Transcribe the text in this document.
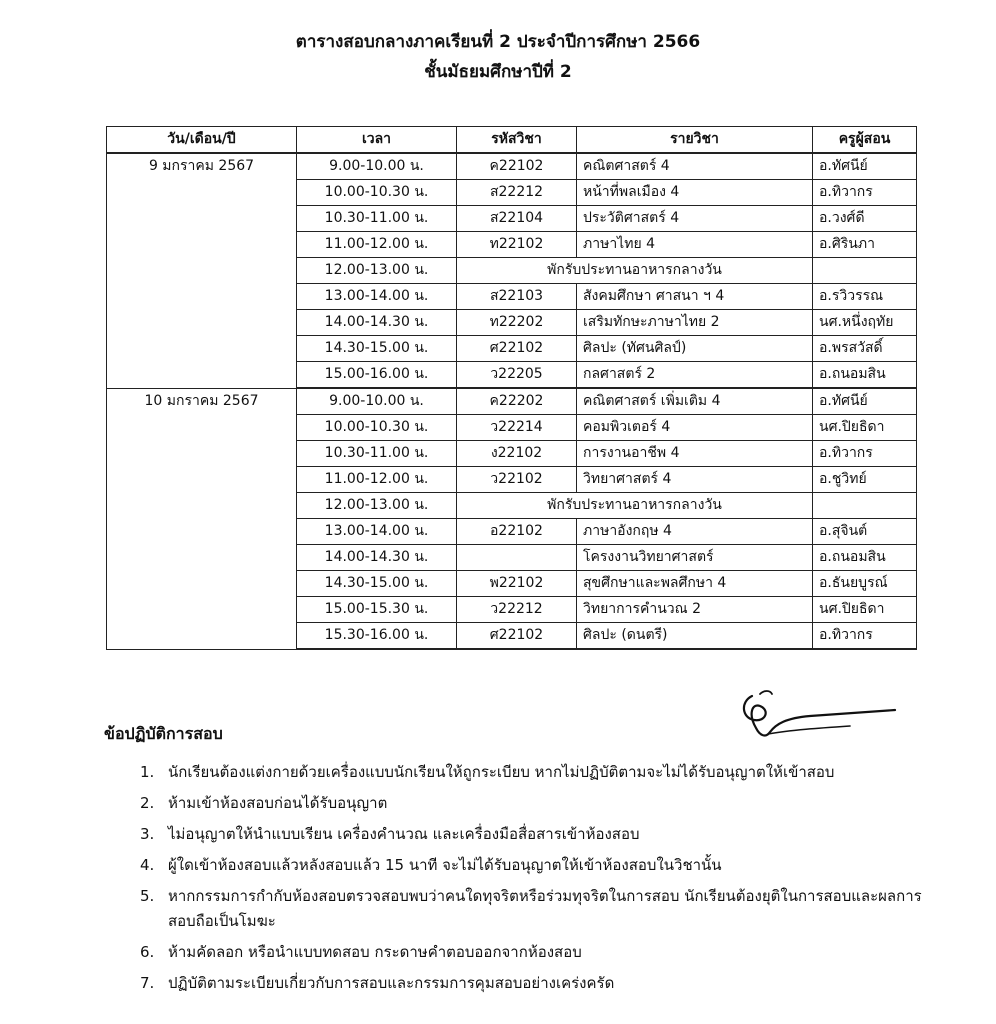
ตารางสอบกลางภาคเรียนที่ 2 ประจำปีการศึกษา 2566
ชั้นมัธยมศึกษาปีที่ 2
วัน/เดือน/ปี	เวลา	รหัสวิชา	รายวิชา	ครูผู้สอน
9 มกราคม 2567	9.00-10.00 น.	ค22102	คณิตศาสตร์ 4	อ.ทัศนีย์
	10.00-10.30 น.	ส22212	หน้าที่พลเมือง 4	อ.ทิวากร
	10.30-11.00 น.	ส22104	ประวัติศาสตร์ 4	อ.วงศ์ดี
	11.00-12.00 น.	ท22102	ภาษาไทย 4	อ.ศิรินภา
	12.00-13.00 น.	พักรับประทานอาหารกลางวัน		
	13.00-14.00 น.	ส22103	สังคมศึกษา ศาสนา ฯ 4	อ.รวิวรรณ
	14.00-14.30 น.	ท22202	เสริมทักษะภาษาไทย 2	นศ.หนึ่งฤทัย
	14.30-15.00 น.	ศ22102	ศิลปะ (ทัศนศิลป์)	อ.พรสวัสดิ์
	15.00-16.00 น.	ว22205	กลศาสตร์ 2	อ.ถนอมสิน
10 มกราคม 2567	9.00-10.00 น.	ค22202	คณิตศาสตร์ เพิ่มเติม 4	อ.ทัศนีย์
	10.00-10.30 น.	ว22214	คอมพิวเตอร์ 4	นศ.ปิยธิดา
	10.30-11.00 น.	ง22102	การงานอาชีพ 4	อ.ทิวากร
	11.00-12.00 น.	ว22102	วิทยาศาสตร์ 4	อ.ชูวิทย์
	12.00-13.00 น.	พักรับประทานอาหารกลางวัน		
	13.00-14.00 น.	อ22102	ภาษาอังกฤษ 4	อ.สุจินต์
	14.00-14.30 น.		โครงงานวิทยาศาสตร์	อ.ถนอมสิน
	14.30-15.00 น.	พ22102	สุขศึกษาและพลศึกษา 4	อ.ธันยบูรณ์
	15.00-15.30 น.	ว22212	วิทยาการคำนวณ 2	นศ.ปิยธิดา
	15.30-16.00 น.	ศ22102	ศิลปะ (ดนตรี)	อ.ทิวากร
ข้อปฏิบัติการสอบ
1. นักเรียนต้องแต่งกายด้วยเครื่องแบบนักเรียนให้ถูกระเบียบ หากไม่ปฏิบัติตามจะไม่ได้รับอนุญาตให้เข้าสอบ
2. ห้ามเข้าห้องสอบก่อนได้รับอนุญาต
3. ไม่อนุญาตให้นำแบบเรียน เครื่องคำนวณ และเครื่องมือสื่อสารเข้าห้องสอบ
4. ผู้ใดเข้าห้องสอบแล้วหลังสอบแล้ว 15 นาที จะไม่ได้รับอนุญาตให้เข้าห้องสอบในวิชานั้น
5. หากกรรมการกำกับห้องสอบตรวจสอบพบว่าคนใดทุจริตหรือร่วมทุจริตในการสอบ นักเรียนต้องยุติในการสอบและผลการสอบถือเป็นโมฆะ
6. ห้ามคัดลอก หรือนำแบบทดสอบ กระดาษคำตอบออกจากห้องสอบ
7. ปฏิบัติตามระเบียบเกี่ยวกับการสอบและกรรมการคุมสอบอย่างเคร่งครัด
